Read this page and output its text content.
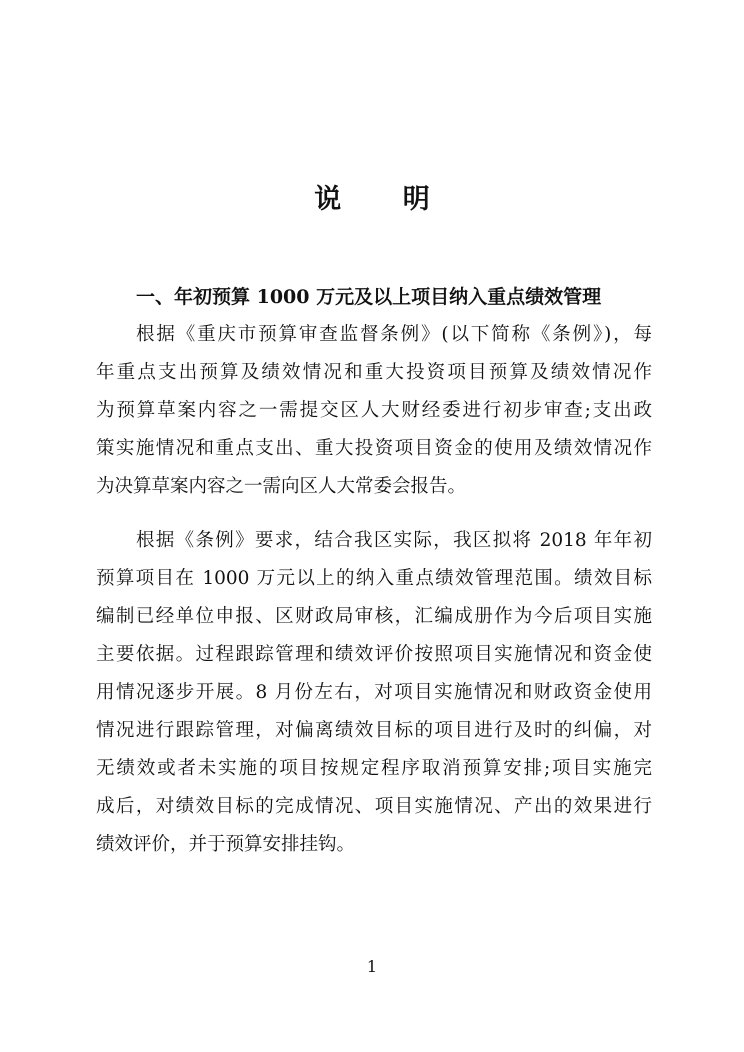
说 明
一、年初预算 1000 万元及以上项目纳入重点绩效管理
根据《重庆市预算审查监督条例》(以下简称《条例》)，每
年重点支出预算及绩效情况和重大投资项目预算及绩效情况作
为预算草案内容之一需提交区人大财经委进行初步审查;支出政
策实施情况和重点支出、重大投资项目资金的使用及绩效情况作
为决算草案内容之一需向区人大常委会报告。
根据《条例》要求，结合我区实际，我区拟将 2018 年年初
预算项目在 1000 万元以上的纳入重点绩效管理范围。绩效目标
编制已经单位申报、区财政局审核，汇编成册作为今后项目实施
主要依据。过程跟踪管理和绩效评价按照项目实施情况和资金使
用情况逐步开展。8 月份左右，对项目实施情况和财政资金使用
情况进行跟踪管理，对偏离绩效目标的项目进行及时的纠偏，对
无绩效或者未实施的项目按规定程序取消预算安排;项目实施完
成后，对绩效目标的完成情况、项目实施情况、产出的效果进行
绩效评价，并于预算安排挂钩。
1
